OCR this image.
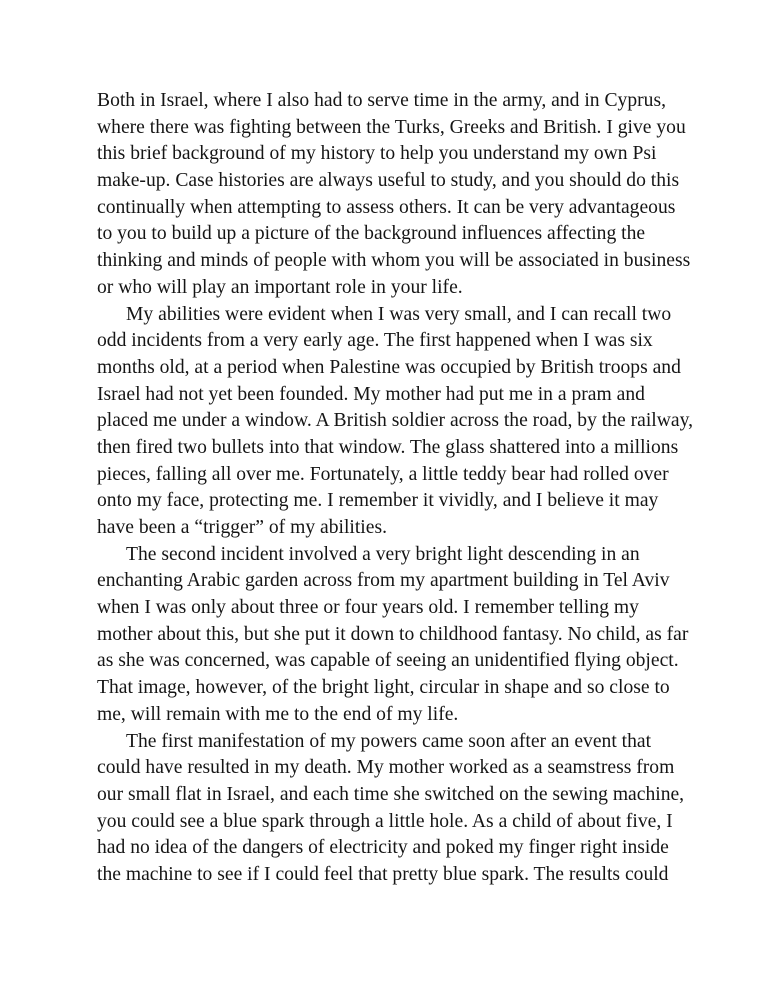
Both in Israel, where I also had to serve time in the army, and in Cyprus,
where there was fighting between the Turks, Greeks and British. I give you
this brief background of my history to help you understand my own Psi
make-up. Case histories are always useful to study, and you should do this
continually when attempting to assess others. It can be very advantageous
to you to build up a picture of the background influences affecting the
thinking and minds of people with whom you will be associated in business
or who will play an important role in your life.
My abilities were evident when I was very small, and I can recall two
odd incidents from a very early age. The first happened when I was six
months old, at a period when Palestine was occupied by British troops and
Israel had not yet been founded. My mother had put me in a pram and
placed me under a window. A British soldier across the road, by the railway,
then fired two bullets into that window. The glass shattered into a millions
pieces, falling all over me. Fortunately, a little teddy bear had rolled over
onto my face, protecting me. I remember it vividly, and I believe it may
have been a “trigger” of my abilities.
The second incident involved a very bright light descending in an
enchanting Arabic garden across from my apartment building in Tel Aviv
when I was only about three or four years old. I remember telling my
mother about this, but she put it down to childhood fantasy. No child, as far
as she was concerned, was capable of seeing an unidentified flying object.
That image, however, of the bright light, circular in shape and so close to
me, will remain with me to the end of my life.
The first manifestation of my powers came soon after an event that
could have resulted in my death. My mother worked as a seamstress from
our small flat in Israel, and each time she switched on the sewing machine,
you could see a blue spark through a little hole. As a child of about five, I
had no idea of the dangers of electricity and poked my finger right inside
the machine to see if I could feel that pretty blue spark. The results could
